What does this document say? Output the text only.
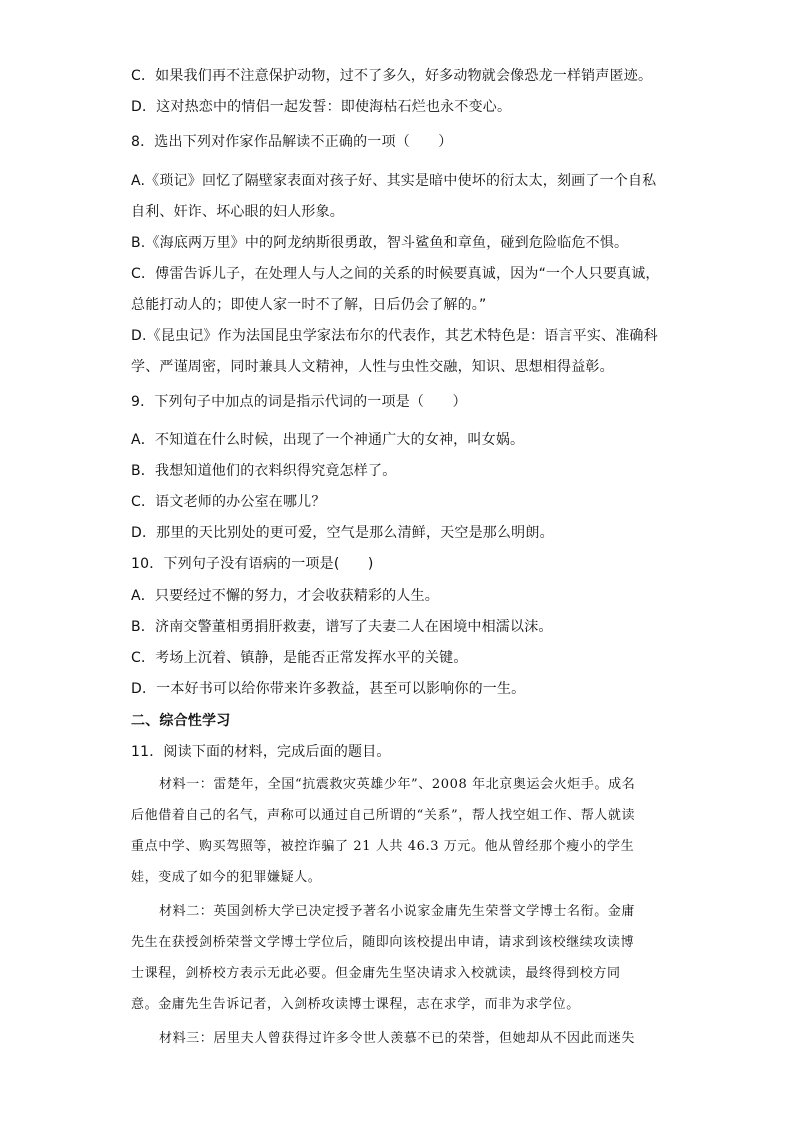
C．如果我们再不注意保护动物，过不了多久，好多动物就会像恐龙一样销声匿迹。
D．这对热恋中的情侣一起发誓：即使海枯石烂也永不变心。
8．选出下列对作家作品解读不正确的一项（　　）
A.《琐记》回忆了隔壁家表面对孩子好、其实是暗中使坏的衍太太，刻画了一个自私
自利、奸诈、坏心眼的妇人形象。
B.《海底两万里》中的阿龙纳斯很勇敢，智斗鲨鱼和章鱼，碰到危险临危不惧。
C．傅雷告诉儿子，在处理人与人之间的关系的时候要真诚，因为“一个人只要真诚，
总能打动人的；即使人家一时不了解，日后仍会了解的。”
D.《昆虫记》作为法国昆虫学家法布尔的代表作，其艺术特色是：语言平实、准确科
学、严谨周密，同时兼具人文精神，人性与虫性交融，知识、思想相得益彰。
9．下列句子中加点的词是指示代词的一项是（　　）
A．不知道在什么时候，出现了一个神通广大的女神，叫女娲。
B．我想知道他们的衣料织得究竟怎样了。
C．语文老师的办公室在哪儿？
D．那里的天比别处的更可爱，空气是那么清鲜，天空是那么明朗。
10．下列句子没有语病的一项是(　　)
A．只要经过不懈的努力，才会收获精彩的人生。
B．济南交警董相勇捐肝救妻，谱写了夫妻二人在困境中相濡以沫。
C．考场上沉着、镇静，是能否正常发挥水平的关键。
D．一本好书可以给你带来许多教益，甚至可以影响你的一生。
二、综合性学习
11．阅读下面的材料，完成后面的题目。
材料一：雷楚年，全国“抗震救灾英雄少年”、2008 年北京奥运会火炬手。成名
后他借着自己的名气，声称可以通过自己所谓的“关系”，帮人找空姐工作、帮人就读
重点中学、购买驾照等，被控诈骗了 21 人共 46.3 万元。他从曾经那个瘦小的学生
娃，变成了如今的犯罪嫌疑人。
材料二：英国剑桥大学已决定授予著名小说家金庸先生荣誉文学博士名衔。金庸
先生在获授剑桥荣誉文学博士学位后，随即向该校提出申请，请求到该校继续攻读博
士课程，剑桥校方表示无此必要。但金庸先生坚决请求入校就读，最终得到校方同
意。金庸先生告诉记者，入剑桥攻读博士课程，志在求学，而非为求学位。
材料三：居里夫人曾获得过许多令世人羡慕不已的荣誉，但她却从不因此而迷失
